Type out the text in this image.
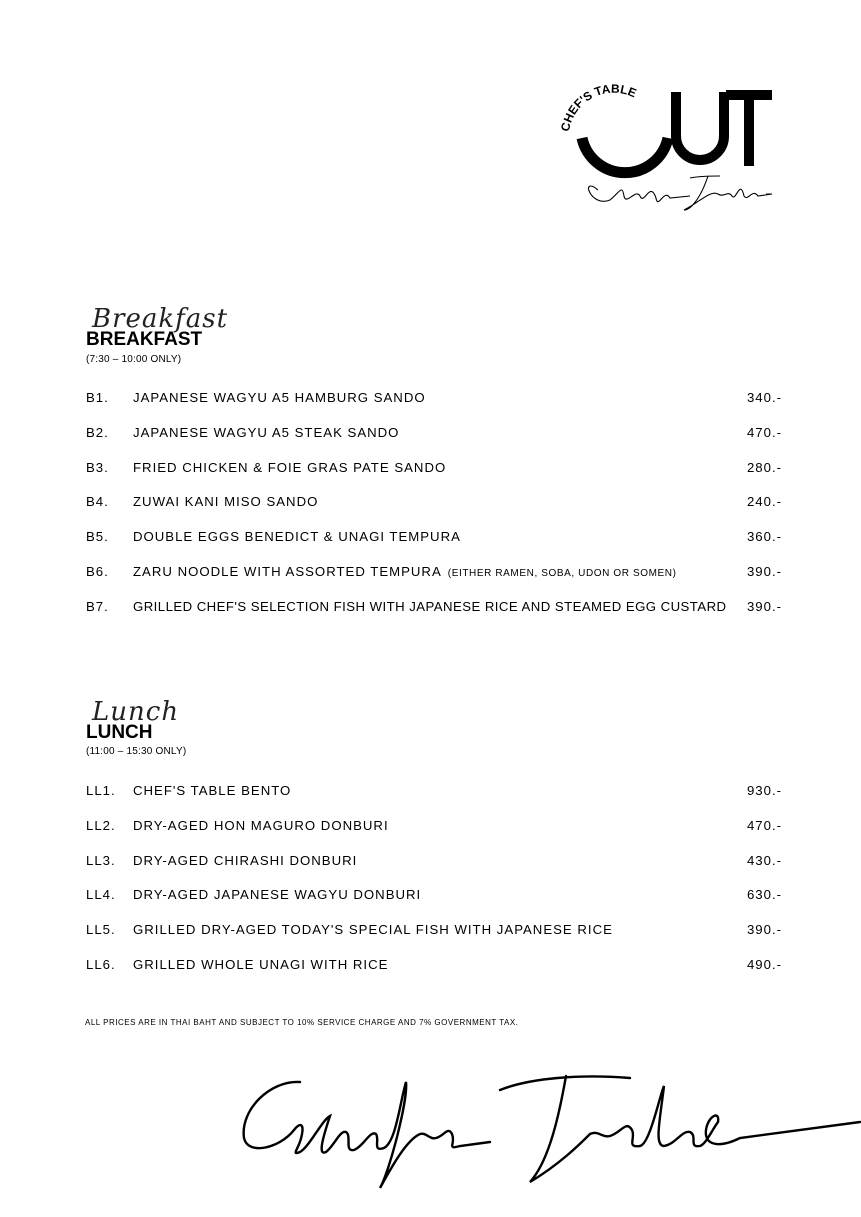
CHEF'S TABLE
CUT
Breakfast
BREAKFAST
(7:30 – 10:00 ONLY)
B1. JAPANESE WAGYU A5 HAMBURG SANDO	340.-
B2. JAPANESE WAGYU A5 STEAK SANDO	470.-
B3. FRIED CHICKEN & FOIE GRAS PATE SANDO	280.-
B4. ZUWAI KANI MISO SANDO	240.-
B5. DOUBLE EGGS BENEDICT & UNAGI TEMPURA	360.-
B6. ZARU NOODLE WITH ASSORTED TEMPURA (EITHER RAMEN, SOBA, UDON OR SOMEN)	390.-
B7. GRILLED CHEF'S SELECTION FISH WITH JAPANESE RICE AND STEAMED EGG CUSTARD 390.-
Lunch
LUNCH
(11:00 – 15:30 ONLY)
LL1. CHEF'S TABLE BENTO	930.-
LL2. DRY-AGED HON MAGURO DONBURI	470.-
LL3. DRY-AGED CHIRASHI DONBURI	430.-
LL4. DRY-AGED JAPANESE WAGYU DONBURI	630.-
LL5. GRILLED DRY-AGED TODAY'S SPECIAL FISH WITH JAPANESE RICE	390.-
LL6. GRILLED WHOLE UNAGI WITH RICE	490.-
ALL PRICES ARE IN THAI BAHT AND SUBJECT TO 10% SERVICE CHARGE AND 7% GOVERNMENT TAX.
